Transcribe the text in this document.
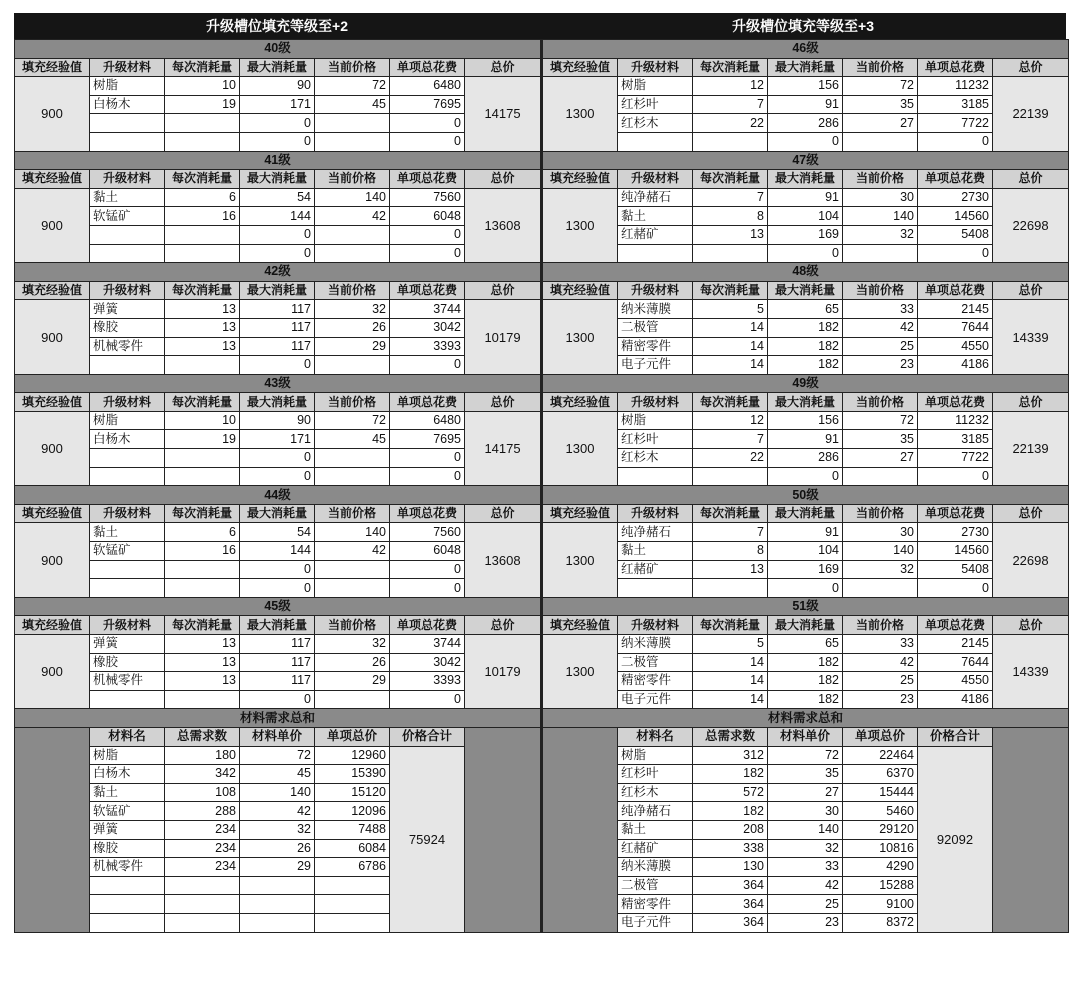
升级槽位填充等级至+2	升级槽位填充等级至+3
40级						
填充经验值	升级材料	每次消耗量	最大消耗量	当前价格	单项总花费	总价
900	树脂	10	90	72	6480	14175
	白杨木	19	171	45	7695	
			0		0	
			0		0	
41级						
填充经验值	升级材料	每次消耗量	最大消耗量	当前价格	单项总花费	总价
900	黏土	6	54	140	7560	13608
	软锰矿	16	144	42	6048	
			0		0	
			0		0	
42级						
填充经验值	升级材料	每次消耗量	最大消耗量	当前价格	单项总花费	总价
900	弹簧	13	117	32	3744	10179
	橡胶	13	117	26	3042	
	机械零件	13	117	29	3393	
			0		0	
43级						
填充经验值	升级材料	每次消耗量	最大消耗量	当前价格	单项总花费	总价
900	树脂	10	90	72	6480	14175
	白杨木	19	171	45	7695	
			0		0	
			0		0	
44级						
填充经验值	升级材料	每次消耗量	最大消耗量	当前价格	单项总花费	总价
900	黏土	6	54	140	7560	13608
	软锰矿	16	144	42	6048	
			0		0	
			0		0	
45级						
填充经验值	升级材料	每次消耗量	最大消耗量	当前价格	单项总花费	总价
900	弹簧	13	117	32	3744	10179
	橡胶	13	117	26	3042	
	机械零件	13	117	29	3393	
			0		0	
材料需求总和						
	材料名	总需求数	材料单价	单项总价	价格合计	
	树脂	180	72	12960	75924	
	白杨木	342	45	15390		
	黏土	108	140	15120		
	软锰矿	288	42	12096		
	弹簧	234	32	7488		
	橡胶	234	26	6084		
	机械零件	234	29	6786		

46级						
填充经验值	升级材料	每次消耗量	最大消耗量	当前价格	单项总花费	总价
1300	树脂	12	156	72	11232	22139
	红杉叶	7	91	35	3185	
	红杉木	22	286	27	7722	
			0		0	
47级						
填充经验值	升级材料	每次消耗量	最大消耗量	当前价格	单项总花费	总价
1300	纯净赭石	7	91	30	2730	22698
	黏土	8	104	140	14560	
	红赭矿	13	169	32	5408	
			0		0	
48级						
填充经验值	升级材料	每次消耗量	最大消耗量	当前价格	单项总花费	总价
1300	纳米薄膜	5	65	33	2145	14339
	二极管	14	182	42	7644	
	精密零件	14	182	25	4550	
	电子元件	14	182	23	4186	
49级						
填充经验值	升级材料	每次消耗量	最大消耗量	当前价格	单项总花费	总价
1300	树脂	12	156	72	11232	22139
	红杉叶	7	91	35	3185	
	红杉木	22	286	27	7722	
			0		0	
50级						
填充经验值	升级材料	每次消耗量	最大消耗量	当前价格	单项总花费	总价
1300	纯净赭石	7	91	30	2730	22698
	黏土	8	104	140	14560	
	红赭矿	13	169	32	5408	
			0		0	
51级						
填充经验值	升级材料	每次消耗量	最大消耗量	当前价格	单项总花费	总价
1300	纳米薄膜	5	65	33	2145	14339
	二极管	14	182	42	7644	
	精密零件	14	182	25	4550	
	电子元件	14	182	23	4186	
材料需求总和						
	材料名	总需求数	材料单价	单项总价	价格合计	
	树脂	312	72	22464	92092	
	红杉叶	182	35	6370		
	红杉木	572	27	15444		
	纯净赭石	182	30	5460		
	黏土	208	140	29120		
	红赭矿	338	32	10816		
	纳米薄膜	130	33	4290		
	二极管	364	42	15288		
	精密零件	364	25	9100		
	电子元件	364	23	8372		
